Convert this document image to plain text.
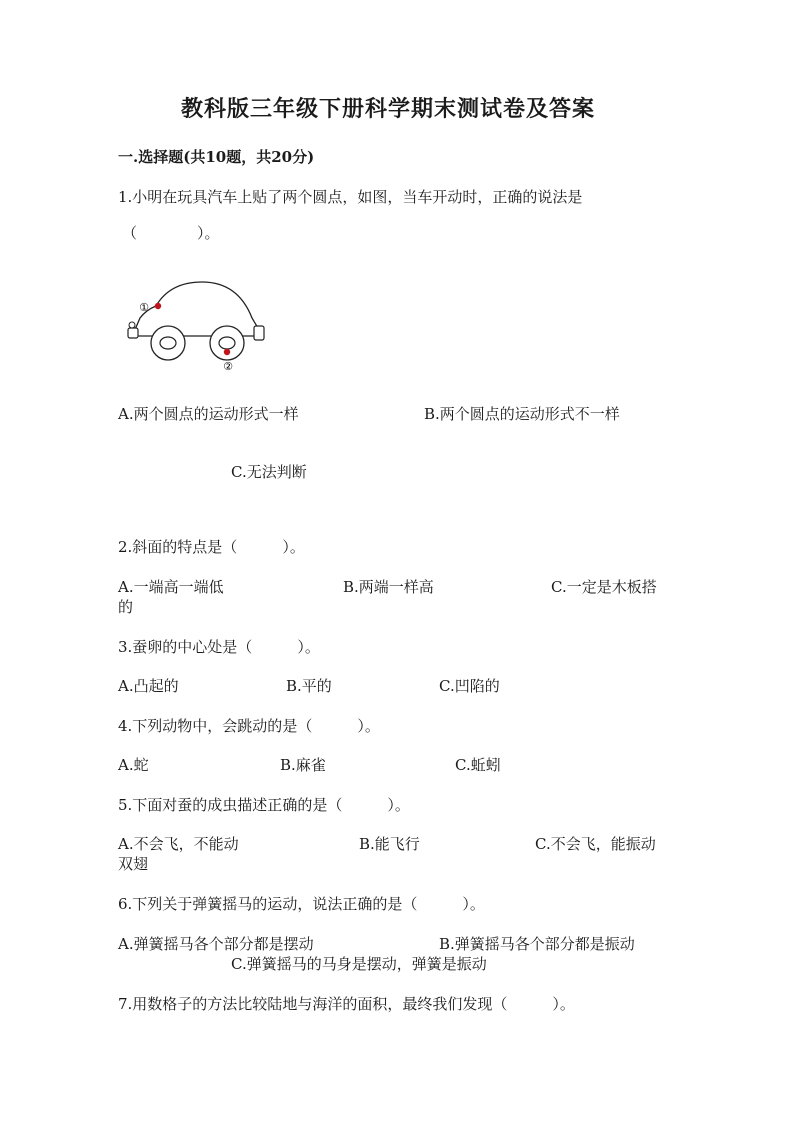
教科版三年级下册科学期末测试卷及答案
一.选择题(共10题，共20分)
1.小明在玩具汽车上贴了两个圆点，如图，当车开动时，正确的说法是
（　　　　）。
①
②
A.两个圆点的运动形式一样	B.两个圆点的运动形式不一样
C.无法判断
2.斜面的特点是（　　　）。
A.一端高一端低	B.两端一样高	C.一定是木板搭
的
3.蚕卵的中心处是（　　　）。
A.凸起的	B.平的	C.凹陷的
4.下列动物中，会跳动的是（　　　）。
A.蛇	B.麻雀	C.蚯蚓
5.下面对蚕的成虫描述正确的是（　　　）。
A.不会飞，不能动	B.能飞行	C.不会飞，能振动
双翅
6.下列关于弹簧摇马的运动，说法正确的是（　　　）。
A.弹簧摇马各个部分都是摆动	B.弹簧摇马各个部分都是振动
C.弹簧摇马的马身是摆动，弹簧是振动
7.用数格子的方法比较陆地与海洋的面积，最终我们发现（　　　）。
